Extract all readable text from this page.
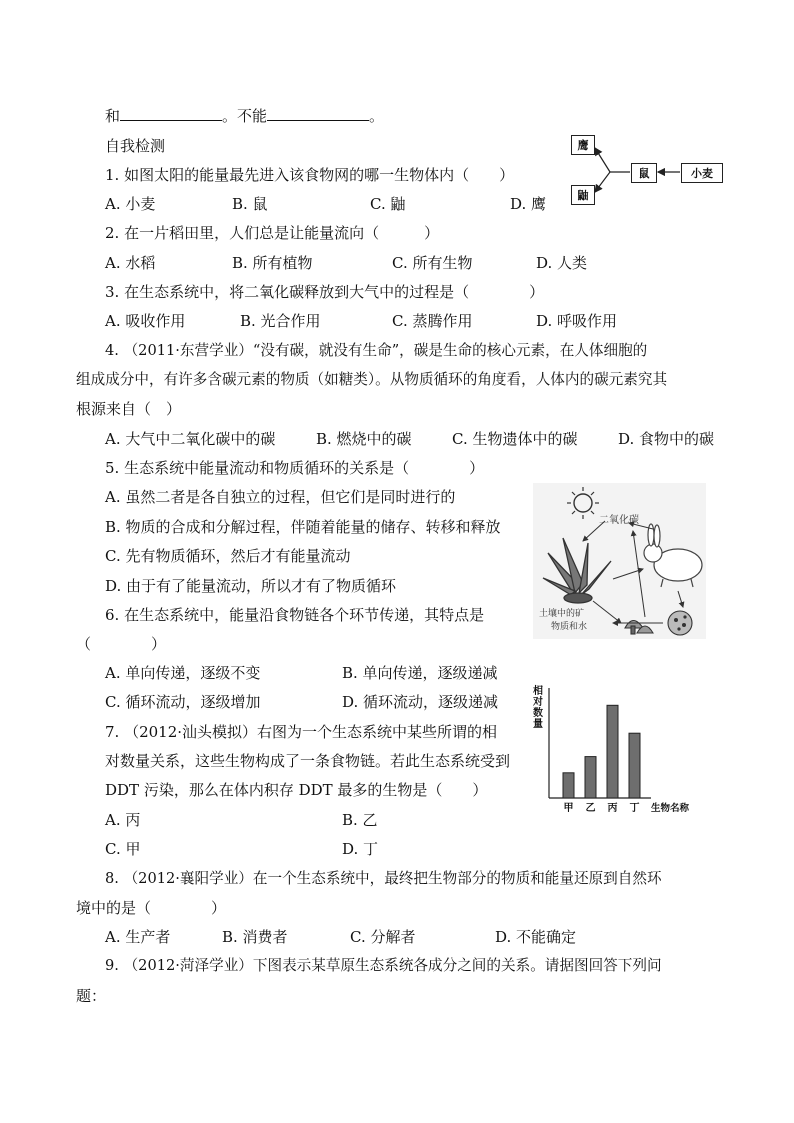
和	。不能	。
自我检测	鹰
鼬
鼠	小麦
1. 如图太阳的能量最先进入该食物网的哪一生物体内（　　）
A. 小麦	B. 鼠	C. 鼬	D. 鹰
2. 在一片稻田里，人们总是让能量流向（　　　）
A. 水稻	B. 所有植物	C. 所有生物	D. 人类
3. 在生态系统中，将二氧化碳释放到大气中的过程是（　　　　）
A. 吸收作用	B. 光合作用	C. 蒸腾作用	D. 呼吸作用
4. （2011·东营学业）“没有碳，就没有生命”，碳是生命的核心元素，在人体细胞的
组成成分中，有许多含碳元素的物质（如糖类）。从物质循环的角度看，人体内的碳元素究其
根源来自（　）
A. 大气中二氧化碳中的碳	B. 燃烧中的碳	C. 生物遗体中的碳	D. 食物中的碳
5. 生态系统中能量流动和物质循环的关系是（　　　　）
A. 虽然二者是各自独立的过程，但它们是同时进行的
B. 物质的合成和分解过程，伴随着能量的储存、转移和释放
C. 先有物质循环，然后才有能量流动
D. 由于有了能量流动，所以才有了物质循环
二氧化碳
土壤中的矿
物质和水
6. 在生态系统中，能量沿食物链各个环节传递，其特点是
（　　　　）
A. 单向传递，逐级不变	B. 单向传递，逐级递减
C. 循环流动，逐级增加	D. 循环流动，逐级递减
甲 乙 丙 丁 生物名称
相对数量
7. （2012·汕头模拟）右图为一个生态系统中某些所谓的相
对数量关系，这些生物构成了一条食物链。若此生态系统受到
DDT 污染，那么在体内积存 DDT 最多的生物是（　　）
A. 丙	B. 乙
C. 甲	D. 丁
8. （2012·襄阳学业）在一个生态系统中，最终把生物部分的物质和能量还原到自然环
境中的是（　　　　）
A. 生产者	B. 消费者	C. 分解者	D. 不能确定
9. （2012·菏泽学业）下图表示某草原生态系统各成分之间的关系。请据图回答下列问
题：
